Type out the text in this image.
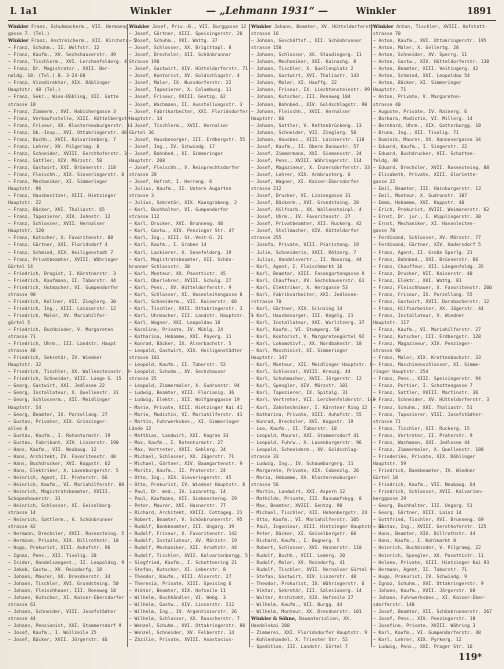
L 1a1	Winkler	— „Lehmann 1931“ —	Winkler	1891
Winkler Franz, Schuhmacherm., VII. Hermanng.
gasse 7. (Tel.)
Winkler Franz, Anstreicherm., XII. Kirchstr. 5
— Franz, Schuhm., II. Wolfstr. 12
— Franz, Kaufm., XV. Sechshauserstr. 49
— Franz, Tischlerm., XVI. Lerchenfelderg. 4
— Franz, Dr. Magistratsr., XVII. Ber-
noldg. 18. (Tel.) B. 3-24-60
— Franz, Vizedirektor, XIX. Döblinger
Hauptstr. 48 (Tel.)
— Franz, Sekr., Wien-Döbling, XII. Gatte
strasse 18
— Franz, Zimmerm., XVI. Habichergasse 3
— Franz, Verkaufsstelle, XIII. Hüttelbergstr.
— Franz, Friseur, XX. Klosterneuburgerstr. 11
— Franz, Ob.-Insp., XVI. Ottakringerstr. 46
— Franz, Buchh., XVII. Kalvarienberg. 7
— Franz, Lehrer, XV. Pilgerimg. 8
— Franz, Schneider, XVIII. Gersthoferstr. 3
— Franz, Sattler, XIV. Märzstr. 58
— Franz, Gastwirt, XXI. Brünnerstr. 118
— Franz, Fleischh., XIX. Sieveringerstr. 8
— Franz, Mechaniker, XI. Simmeringer
Hauptstr. 96
— Franz, Hausbesitzer, XIII. Hietzinger
Hauptstr. 22
— Franz, Bäcker, XVI. Thaliastr. 65
— Franz, Tapezierer, XIV. Johnstr. 12
— Franz, Schlosser, XVII. Hernalser
Hauptstr. 120
— Franz, Kutscher, X. Favoritenstr. 88
— Franz, Gärtner, XXI. Floridsdorf 4
— Franz, Schmied, XIX. Heiligenstadt 7
— Franz, Privatbeamter, XVIII. Währinger
Gürtel 14
— Friedrich, Drogist, I. Kärntnerstr. 3
— Friedrich, Kaufmann, II. Taborstr. 44
— Friedrich, Hutmacher, VI. Gumpendorfer
strasse 90
— Friedrich, Kellner, VII. Zieglerg. 30
— Friedrich, Ing., XIII. Lainzerstr. 12
— Friedrich, Maler, XV. Mariahilfer-
gürtel 5
— Friedrich, Buchbinder, V. Margareten
strasse 71
— Friedrich, Uhrm., III. Landstr. Haupt
strasse 48
— Friedrich, Sekretär, IV. Wiedner
Hauptstr. 32
— Friedrich, Tischler, XX. Wallensteinstr. 9
— Friedrich, Schneider, VIII. Lange G. 15
— Georg, Gastwirt, XXI. Jedlesee 22
— Georg, Installateur, X. Quellenstr. 31
— Georg, Schlosserm., XII. Meidlinger
Hauptstr. 54
— Georg, Beamter, IX. Porzellang. 27
— Gustav, Privater, XIX. Grinzinger-
allee 8
— Gustav, Kaufm., I. Rotenturmstr. 19
— Gustav, Fabrikant, XIV. Linzerstr. 190
— Hans, Kaufm., VII. Neubaug. 12
— Hans, Architekt, IV. Favoritenstr. 40
— Hans, Buchdrucker, XVI. Koppstr. 62
— Hans, Elektriker, X. Laxenburgerstr. 5
— Heinrich, Agent, II. Praterstr. 66
— Heinrich, Kaufm., VI. Mariahilferstr. 88
— Heinrich, Magistratsbeamter, XVIII.
Schopenhauerstr. 31
— Heinrich, Schlosser, XI. Geiselberg-
strasse 14
— Heinrich, Sattlerm., V. Schönbrunner
strasse 42
— Hermann, Drechsler, XVII. Rosensteing. 5
— Hermine, Private, XIX. Billrothstr. 10
— Hugo, Prokurist, XIII. Auhofstr. 96
— Ignaz, Pens., XII. Tivolig. 20
— Isidor, Handelsangest., II. Leopoldsg. 9
— Jakob, Gastw., XV. Reindorfg. 18
— Johann, Maurer, XX. Dresdnerstr. 34
— Johann, Tischler, XVI. Grundsteing. 50
— Johann, Fleischhauer, III. Rennweg 18
— Johann, Kutscher, XI. Kaiser-Ebersdorfer
strasse 61
— Johann, Schneider, VIII. Josefstädter
strasse 44
— Johann, Pensionist, XXI. Stammersdorf 9
— Josef, Kaufm., I. Wollzeile 25
— Josef, Bäcker, XVII. Jörgerstr. 46
Winkler Josef, Priv.-B., VII. Burggasse 12
— Josef, Gärtner, XIII. Speisingerstr. 20
— Josef, Schuhm., XVI. Wattg. 37
— Josef, Schlosser, XX. Brigittapl. 8
— Josef, Drechsler, XII. Schönbrunner
Strasse 190
— Josef, Gastwirt, XIV. Hütteldorferstr. 71
— Josef, Kontorist, XV. Goldschlagstr. 4
— Josef, Maler, IX. Nussdorferstr. 22
— Josef, Tapezierer, X. Columbusg. 11
— Josef, Friseur, XVIII. Gentzg. 62
— Josef, Wachmann, II. Ausstellungsstr. 3
— Josef, Fabrikarbeiter, XXI. Floridsdorfer
Hauptstr. 14
— Josef, Tischlerm., XVII. Hernalser
Gürtel 36
— Josef, Hausbesorger, III. Erdbergstr. 55
— Josef, Ing., IV. Schwindg. 17
— Josef, Bahnbed., XI. Simmeringer
Hauptstr. 208
— Josef, Fleischh., V. Reinprechtsdorfer
strasse 28
— Josef, Hofrat, I. Herreng. 6
— Julius, Kaufm., II. Untere Augarten
strasse 3
— Julius, Sekretär, XIX. Kaasgrabeng. 2
— Karl, Buchhalter, VI. Gumpendorfer
strasse 112
— Karl, Drucker, XVI. Brunneng. 40
— Karl, Gastw., XIV. Penzinger Str. 47
— Karl, Ing., XIII. St.-Veit-G. 21
— Karl, Kaufm., I. Graben 14
— Karl, Lackierer, X. Senefelderg. 19
— Karl, Magistratsbeamter, XII. Schön-
brunner Schlossstr. 30
— Karl, Monteur, XX. Pasettistr. 45
— Karl, Oberlehrer, XVIII. Schulg. 27
— Karl, Pens., XV. Hütteldorferstr. 9
— Karl, Schlosser, XI. Hasenleitengasse 8
— Karl, Schneiderm., VII. Kaiserstr. 66
— Karl, Tischler, XVII. Ottakringerstr. 3
— Karl, Uhrmacher, III. Landstr. Hauptstr. 71
— Karl, Wagner, XXI. Leopoldau 18
— Karoline, Private, IV. Mühlg. 24
— Katharina, Hebamme, XVI. Payerg. 11
— Konrad, Bäcker, IX. Alserbachstr. 5
— Leopold, Gastwirt, XIX. Heiligenstädter
strasse 101
— Leopold, Kaufm., II. Taborstr. 52
— Leopold, Schuhm., XV. Sechshauser
strasse 25
— Leopold, Zimmermaler, X. Gudrunstr. 94
— Ludwig, Beamter, VIII. Florianig. 36
— Ludwig, Elektr., XII. Wolfganggasse 19
— Marie, Private, XIII. Hietzinger Kai 41
— Marie, Modistin, VI. Mariahilferstr. 41
— Martin, Fuhrwerksbes., XI. Simmeringer
Lände 12
— Matthias, Landwirt, XXI. Kagran 33
— Max, Kaufm., I. Rotenturmstr. 27
— Max, Vertreter, XVII. Geblerg. 34
— Michael, Schlosser, XX. Jägerstr. 71
— Michael, Gärtner, XIV. Baumgartenstr. 9
— Moritz, Kaufm., II. Praterstr. 24
— Otto, Ing., XIX. Sieveringerstr. 45
— Otto, Prokurist, IV. Wiedner Hauptstr. 8
— Paul, Dr. med., IX. Lazarettg. 14
— Paul, Kaufmann, VII. Siebensterng. 29
— Peter, Maurer, XVI. Hasnerstr. 77
— Richard, Architekt, XVIII. Cottageg. 21
— Robert, Beamter, V. Schönbrunnerstr. 95
— Rudolf, Bankbeamter, III. Ungarg. 39
— Rudolf, Friseur, X. Favoritenstr. 142
— Rudolf, Installateur, XV. Märzstr. 19
— Rudolf, Mechaniker, XII. Arndtstr. 44
— Rudolf, Tischler, XVII. Kalvarienbergg. 5
— Siegfried, Kaufm., I. Schottenring 21
— Stefan, Kutscher, XI. Leberstr. 8
— Theodor, Kaufm., VIII. Alserstr. 27
— Theresia, Private, XIII. Speising 6
— Viktor, Beamter, XIX. Hofzeile 11
— Wilhelm, Buchhändler, VI. Webg. 3
— Wilhelm, Gastw., XIV. Linzerstr. 212
— Wilhelm, Ing., IV. Argentinierstr. 26
— Wilhelm, Schlosser, XX. Rauscherstr. 7
— Wenzel, Schuhm., XVI. Ottakringerstr. 80
— Wenzel, Schneider, XV. Felberstr. 14
— Zäzilie, Private, XVIII. Anastasius-
Winkler Johann, Beamter, XV. Hütteldorferstr.
strasse 16
— Johann, Geschäftsf., XII. Schönbrunner
strasse 150
— Johann, Schlosser, XX. Staudingerg. 11
— Johann, Mechaniker, XXI. Kainachg. 8
— Johann, Tischler, X. Quellenplatz 2
— Johann, Gastwirt, XVI. Thaliastr. 143
— Johann, Maler, XI. Hauffg. 22
— Johann, Friseur, IX. Liechtensteinstr. 99
— Johann, Kutscher, III. Rennweg 104
— Johann, Bahnbed., XIV. Goldschlagstr. 90
— Johann, Fleischh., XVII. Hernalser
Hauptstr. 60
— Johann, Sattler, V. Kettenbrückeng. 13
— Johann, Schneider, VII. Zieglerg. 58
— Johann, Hausbes., XIII. Lainzerstr. 118
— Josef, Kaufm., II. Obere Donaustr. 57
— Josef, Zimmermann, XXI. Siemensstr. 24
— Josef, Pens., XVIII. Währingerstr. 114
— Josef, Magazineur, X. Inzersdorferstr. 33
— Josef, Lehrer, XIX. Armbrusterg. 6
— Josef, Wagner, XI. Kaiser-Ebersdorfer
strasse 212
— Josef, Drucker, VI. Liniengasse 31
— Josef, Bäckerm., XVI. Grundsteing. 28
— Josef, Hilfsarb., XX. Wallensteinpl. 4
— Josef, Uhrm., IV. Favoritenstr. 27
— Josef, Privatbeamter, XII. Ruckerg. 42
— Josef, Stellmacher, XIV. Hütteldorfer
strasse 255
— Josefa, Private, VIII. Piaristeng. 19
— Julie, Schneiderin, XVII. Rötzerg. 7
— Julius, Handelsvertr., II. Novarag. 44
— Karl, Agent, I. Fleischmarkt 16
— Karl, Beamter, XIII. Fasangartengasse 9
— Karl, Chauffeur, XV. Sechshauserstr. 61
— Karl, Elektriker, X. Herzgasse 53
— Karl, Fabriksarbeiter, XXI. Jedlesee-
rstrasse 70
— Karl, Gärtner, XIX. Grinzing 14
— Karl, Hausbesorger, III. Kegelg. 21
— Karl, Installateur, XVI. Wurlitzerg. 37
— Karl, Kaufm., VI. Stumperg. 50
— Karl, Kontorist, V. Margaretengürtel 92
— Karl, Lokomotivf., XX. Nordbahnstr. 18
— Karl, Maschinist, XI. Simmeringer
Hauptstr. 147
— Karl, Monteur, XII. Meidlinger Hauptstr. 8
— Karl, Schlosser, XVIII. Kreuzg. 44
— Karl, Schuhmacher, XVII. Jörgerstr. 12
— Karl, Spengler, XIV. Märzstr. 101
— Karl, Tapezierer, IX. Spitalg. 31
— Karl, Vertreter, VII. Lerchenfelderstr. 140
— Karl, Zahntechniker, I. Kärntner Ring 12
— Katharina, Private, XIII. Auhofstr. 55
— Konrad, Drechsler, XVI. Koppstr. 19
— Leo, Kaufm., II. Taborstr. 18
— Leopold, Maurer, XXI. Stammersdorf 41
— Leopold, Fuhrw., X. Laxenburgerstr. 96
— Leopold, Schneiderm., XV. Goldschlag-
strasse 33
— Ludwig, Ing., IV. Schaumburgerg. 11
— Margarete, Private, XIX. Cobenzlg. 26
— Maria, Hebamme, XX. Klosterneuburger-
strasse 56
— Martin, Landwirt, XXI. Aspern 12
— Mathilde, Private, III. Rasumofskyg. 8
— Max, Beamter, XVIII. Gentzg. 90
— Michael, Tischler, XII. Hohenbergstr. 24
— Otto, Kaufm., VI. Mariahilferstr. 105
— Paul, Ingenieur, XIII. Hietzinger Hauptstr. 31
— Peter, Bäcker, XI. Geiselbergstr. 60
— Richard, Kaufm., I. Bognerg. 5
— Robert, Schlosser, XVI. Hasnerstr. 118
— Rudolf, Buchh., VIII. Lederg. 20
— Rudolf, Maler, XV. Reindorfg. 41
— Rudolf, Tischler, XVII. Hernalser Gürtel 9
— Stefan, Gastwirt, XIV. Linzerstr. 48
— Theodor, Prokurist, IX. Währingerstr. 6
— Viktor, Sekretär, III. Salesianerg. 14
— Walter, Architekt, XIX. Hofzeile 27
— Wilhelm, Kaufm., VII. Burgg. 44
— Wilhelm, Monteur, XX. Dresdnerstr. 101
Winkler & Söhne, Baumaterialien, XX.
Handelskai 208
— Zimmerei, XXI. Floridsdorfer Hauptstr. 9
— Kohlenhandel, X. Triester Str. 52
— Spedition, III. Landstr. Gürtel 7
Winkler Anton, Tischler, XVIII. Hofstatt-
strasse 70
— Anton, Kaufm., XVI. Ottakringerstr. 195
— Anton, Maler, X. Gellertg. 28
— Anton, Schneider, XV. Sperrg. 11
— Anton, Gastw., XIV. Hütteldorferstr. 130
— Anton, Beamter, XIII. Veitingerg. 42
— Anton, Schmied, XXI. Leopoldau 54
— Anton, Bäcker, XI. Simmeringer
Hauptstr. 71
— Anton, Private, V. Margareten-
strasse 40
— Auguste, Private, IV. Rainerg. 6
— Barbara, Modistin, VI. Millerg. 14
— Bernhard, Uhrm., XIX. Gatterburgg. 10
— Bruno, Ing., XII. Tivolig. 71
— Dominik, Maurer, XX. Hannovergasse 34
— Eduard, Kaufm., I. Singerstr. 22
— Eduard, Buchdrucker, VII. Schotten-
feldg. 48
— Eduard, Drechsler, XVII. Rosensteing. 88
— Elisabeth, Private, XIII. Gloriette-
gasse 22
— Emil, Beamter, III. Hainburgerstr. 13
— Emil, Monteur, X. Gudrunstr. 187
— Emma, Hebamme, XVI. Koppstr. 40
— Erich, Prokurist, XVIII. Weimarerstr. 62
— Ernst, Dr. jur., I. Wipplingerstr. 30
— Ernst, Mechaniker, XI. Hasenleiten-
gasse 70
— Ferdinand, Schlosser, XV. Märzstr. 77
— Ferdinand, Gärtner, XIV. Hadersdorf 5
— Franz, Agent, II. Große Sperlg. 21
— Franz, Bahnbed., XXI. Brünnerstr. 66
— Franz, Chauffeur, XII. Längenfeldg. 35
— Franz, Drucker, VII. Kaiserstr. 40
— Franz, Elektr., XVI. Wattg. 81
— Franz, Fleischhauer, X. Favoritenstr. 200
— Franz, Friseur, IX. Porzellang. 55
— Franz, Gastwirt, XVII. Dornbacherstr. 12
— Franz, Hilfsarbeiter, XX. Jägerstr. 44
— Franz, Installateur, V. Wiedner
Hauptstr. 117
— Franz, Kaufm., VI. Mariahilferstr. 27
— Franz, Kutscher, III. Erdbergstr. 128
— Franz, Magazineur, XIV. Penzinger-
strasse 90
— Franz, Maler, XIX. Krottenbachstr. 33
— Franz, Maschinenschlosser, XI. Simme-
ringer Hauptstr. 254
— Franz, Pens., XIII. Speisingerstr. 94
— Franz, Portier, I. Schottengasse 7
— Franz, Sattler, XVIII. Martinstr. 36
— Franz, Schneider, XV. Hütteldorferstr. 3
— Franz, Schuhm., XVI. Thaliastr. 51
— Franz, Tapezierer, VIII. Josefstädter-
strasse 71
— Franz, Tischler, XII. Ruckerg. 15
— Franz, Vertreter, II. Praterstr. 9
— Franz, Wachmann, XXI. Jedlesee 44
— Franz, Zimmermaler, X. Quellenstr. 188
— Friederike, Private, XIX. Döblinger
Hauptstr. 59
— Friedrich, Bankbeamter, IV. Wiedner
Gürtel 18
— Friedrich, Kaufm., VII. Neubaug. 64
— Friedrich, Schlosser, XVII. Kalvarien-
berggasse 29
— Georg, Buchhalter, III. Ungarg. 51
— Georg, Gärtner, XIII. Lainz 14
— Gottfried, Tischler, XVI. Brunneng. 69
— Gustav, Ing., XVIII. Gersthoferstr. 125
— Hans, Beamter, XIX. Billrothstr. 44
— Hans, Kaufm., I. Kohlmarkt 8
— Heinrich, Buchbinder, V. Pilgramg. 22
— Heinrich, Spengler, XX. Pasettistr. 11
— Helene, Private, XIII. Hietzinger Kai 93
— Hermann, Agent, II. Taborstr. 71
— Hugo, Prokurist, IV. Schwindg. 9
— Ignaz, Schuhm., XVI. Ottakringerstr. 9
— Johann, Kaufm., XVII. Jörgerstr. 68
— Johann, Fuhrwerksbes., XI. Kaiser-Eber-
sdorferstr. 140
— Josef, Beamter, XII. Schönbrunnerstr. 267
— Josef, Pens., XIV. Penzingerstr. 18
— Josefine, Private, XVIII. Währing 3
— Karl, Kaufm., VI. Gumpendorferstr. 48
— Karl, Lehrer, XIX. Pyrkerg. 12
— Ludwig, Pens., XXI. Prager Str. 16
119*
